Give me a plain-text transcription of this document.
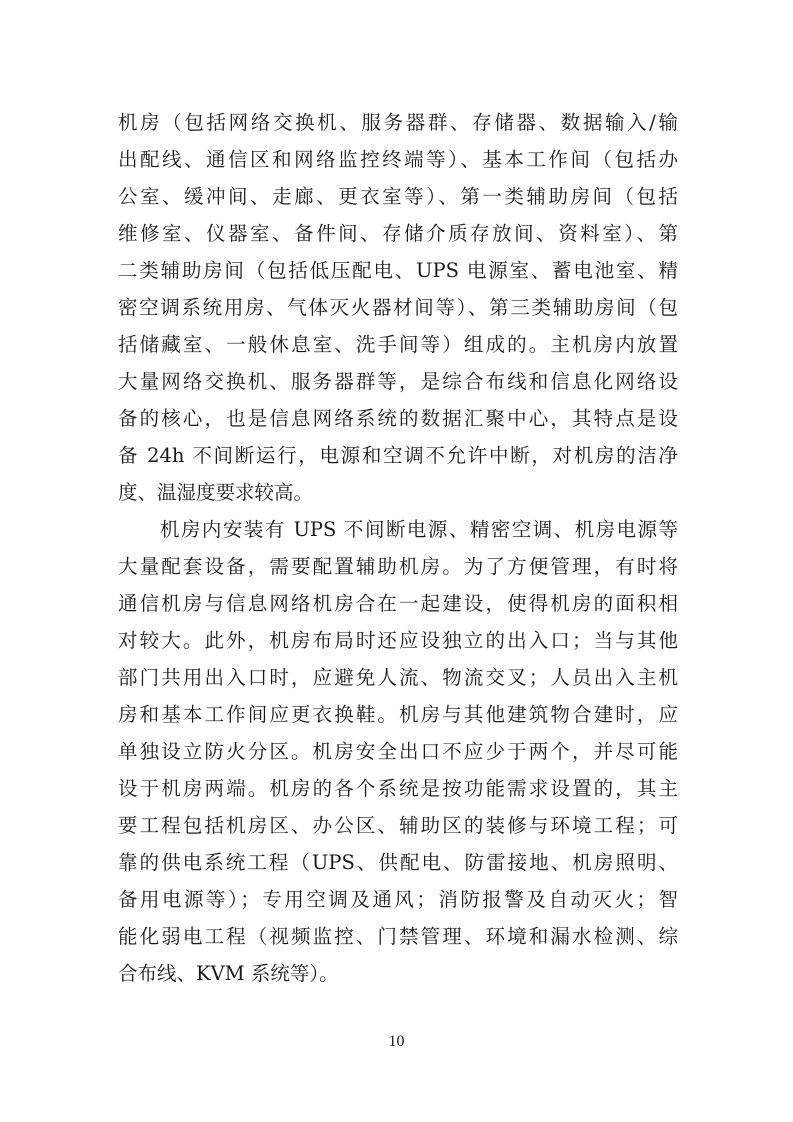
机房（包括网络交换机、服务器群、存储器、数据输入/输
出配线、通信区和网络监控终端等）、基本工作间（包括办
公室、缓冲间、走廊、更衣室等）、第一类辅助房间（包括
维修室、仪器室、备件间、存储介质存放间、资料室）、第
二类辅助房间（包括低压配电、UPS 电源室、蓄电池室、精
密空调系统用房、气体灭火器材间等）、第三类辅助房间（包
括储藏室、一般休息室、洗手间等）组成的。主机房内放置
大量网络交换机、服务器群等，是综合布线和信息化网络设
备的核心，也是信息网络系统的数据汇聚中心，其特点是设
备 24h 不间断运行，电源和空调不允许中断，对机房的洁净
度、温湿度要求较高。
机房内安装有 UPS 不间断电源、精密空调、机房电源等
大量配套设备，需要配置辅助机房。为了方便管理，有时将
通信机房与信息网络机房合在一起建设，使得机房的面积相
对较大。此外，机房布局时还应设独立的出入口；当与其他
部门共用出入口时，应避免人流、物流交叉；人员出入主机
房和基本工作间应更衣换鞋。机房与其他建筑物合建时，应
单独设立防火分区。机房安全出口不应少于两个，并尽可能
设于机房两端。机房的各个系统是按功能需求设置的，其主
要工程包括机房区、办公区、辅助区的装修与环境工程；可
靠的供电系统工程（UPS、供配电、防雷接地、机房照明、
备用电源等）；专用空调及通风；消防报警及自动灭火；智
能化弱电工程（视频监控、门禁管理、环境和漏水检测、综
合布线、KVM 系统等）。
10
